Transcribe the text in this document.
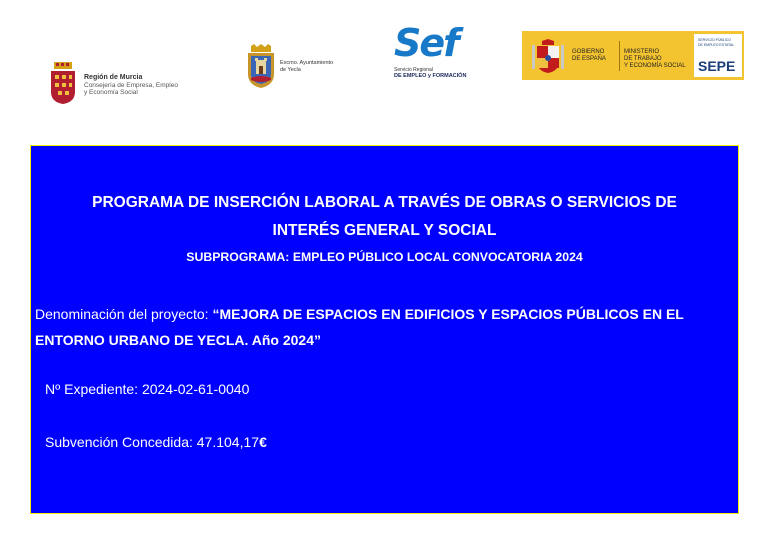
Región de Murcia
Consejería de Empresa, Empleo
y Economía Social
Excmo. Ayuntamiento
de Yecla
Sef
Servicio Regional
DE EMPLEO y FORMACIÓN
GOBIERNO
DE ESPAÑA
MINISTERIO
DE TRABAJO
Y ECONOMÍA SOCIAL
SERVICIO PÚBLICO
DE EMPLEO ESTATAL
SEPE
PROGRAMA DE INSERCIÓN LABORAL A TRAVÉS DE OBRAS O SERVICIOS DE
INTERÉS GENERAL Y SOCIAL
SUBPROGRAMA: EMPLEO PÚBLICO LOCAL CONVOCATORIA 2024
Denominación del proyecto: “MEJORA DE ESPACIOS EN EDIFICIOS Y ESPACIOS PÚBLICOS EN EL ENTORNO URBANO DE YECLA. Año 2024”
Nº Expediente: 2024-02-61-0040
Subvención Concedida: 47.104,17€
